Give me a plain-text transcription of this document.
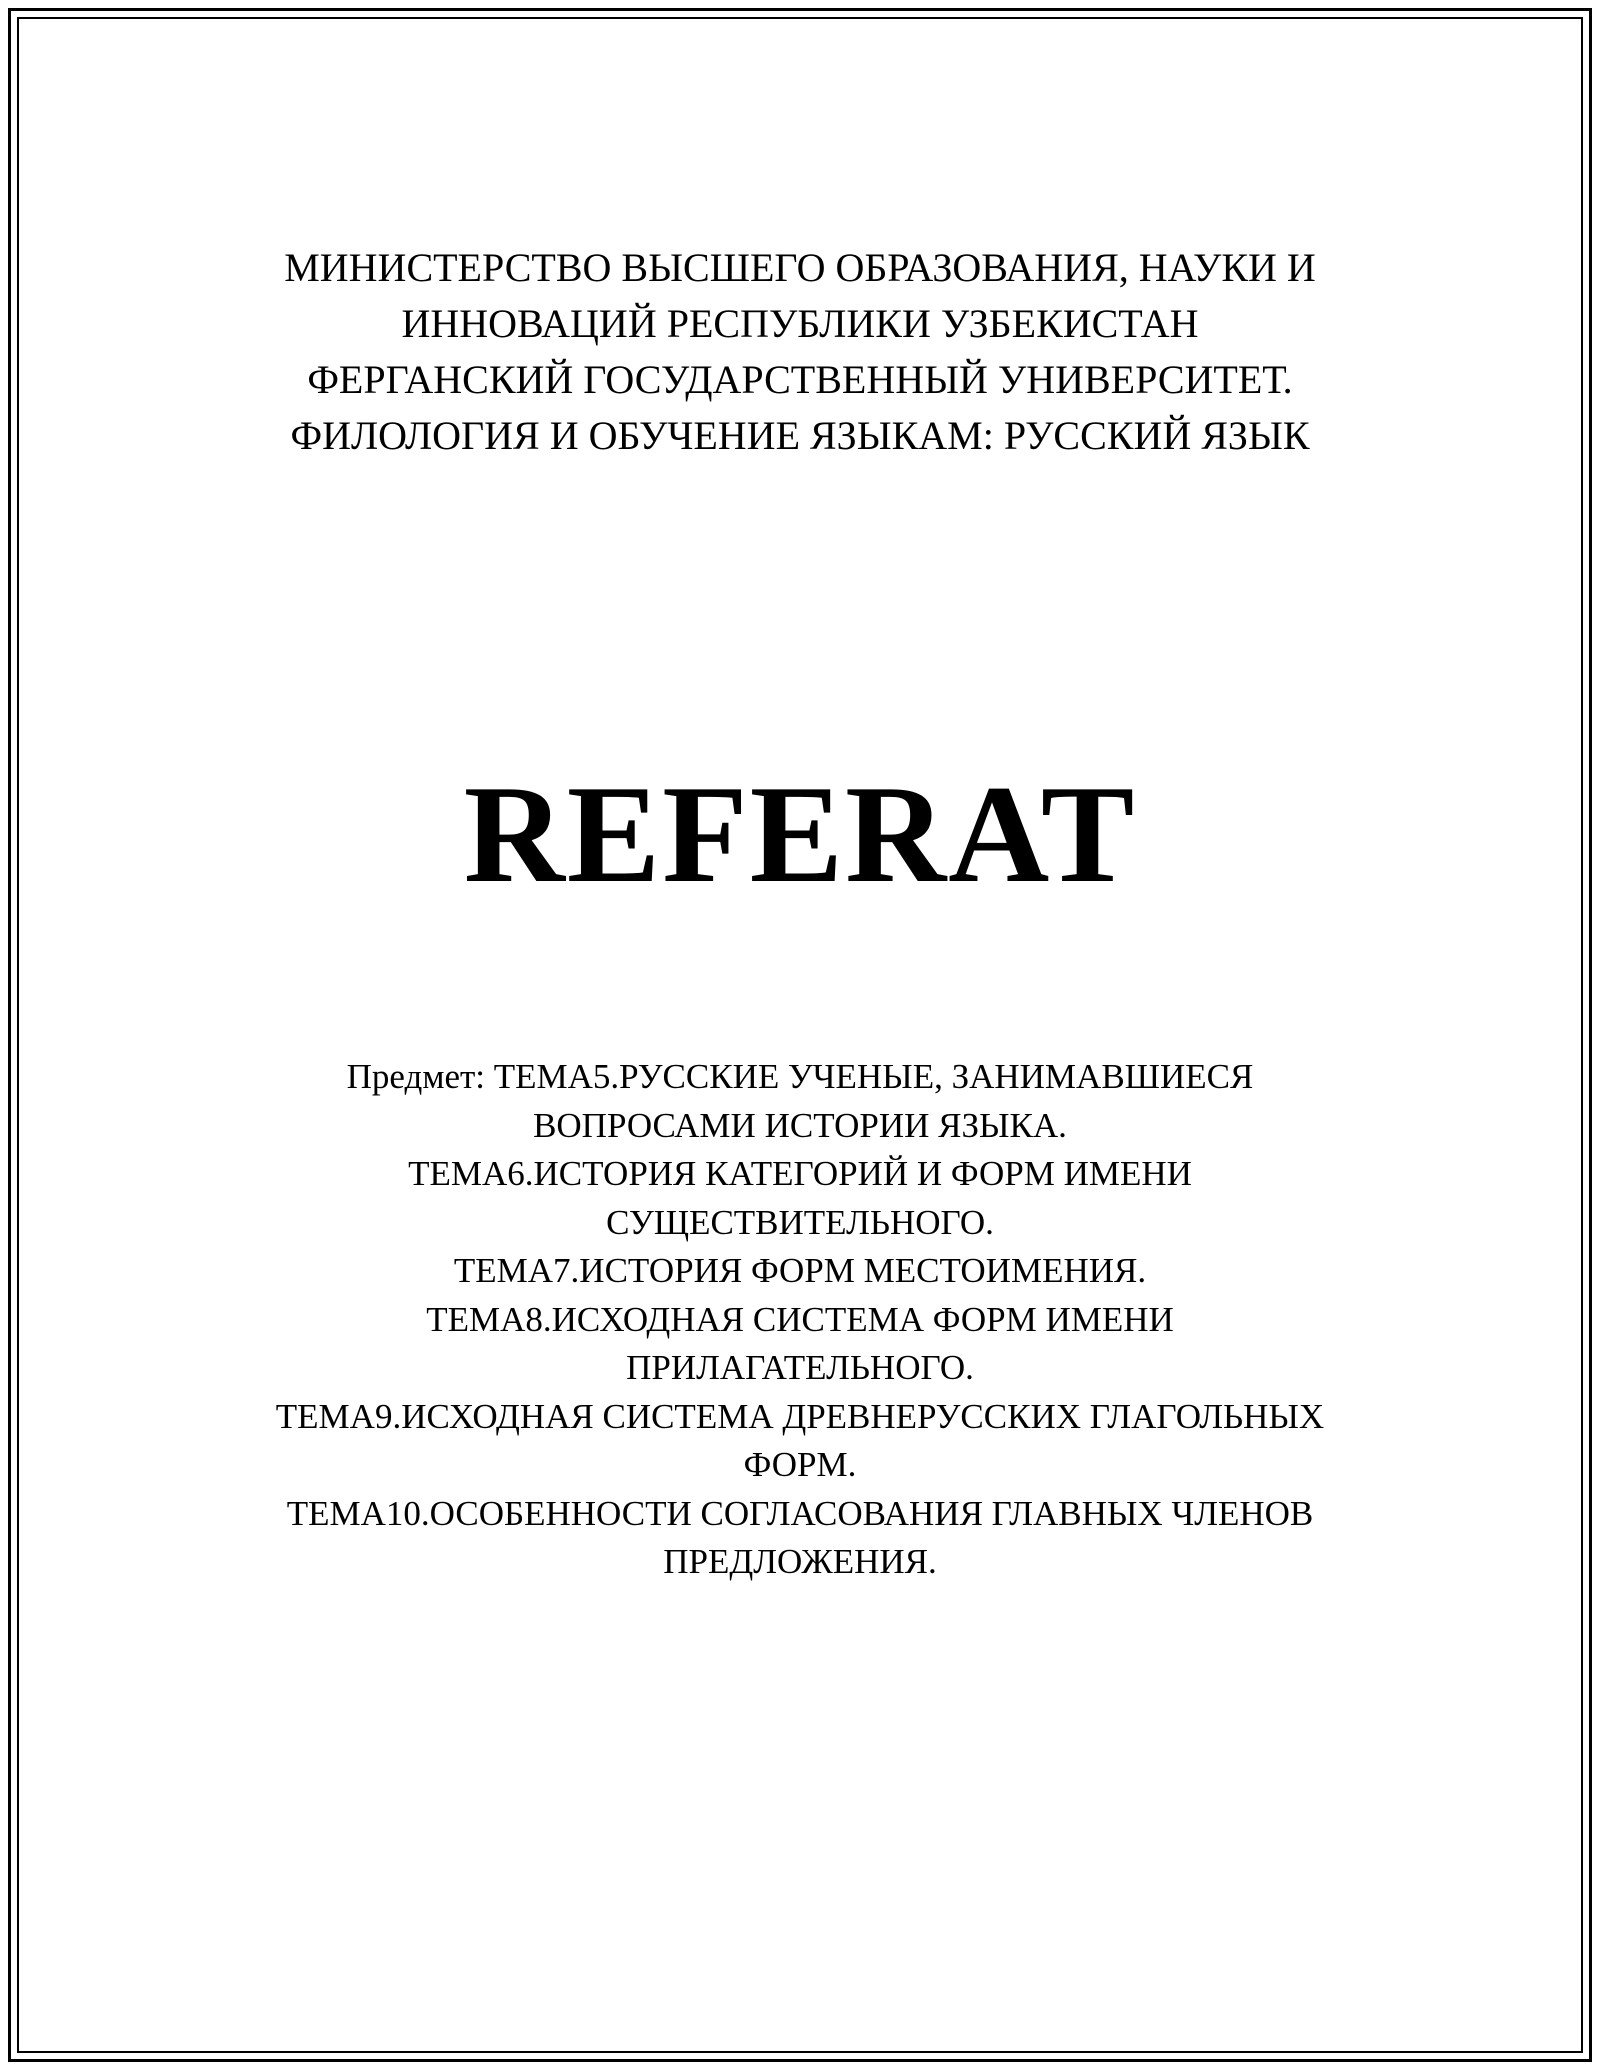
МИНИСТЕРСТВО ВЫСШЕГО ОБРАЗОВАНИЯ, НАУКИ И
ИННОВАЦИЙ РЕСПУБЛИКИ УЗБЕКИСТАН
ФЕРГАНСКИЙ ГОСУДАРСТВЕННЫЙ УНИВЕРСИТЕТ.
ФИЛОЛОГИЯ И ОБУЧЕНИЕ ЯЗЫКАМ: РУССКИЙ ЯЗЫК
REFERAT
Предмет: ТЕМА5.РУССКИЕ УЧЕНЫЕ, ЗАНИМАВШИЕСЯ
ВОПРОСАМИ ИСТОРИИ ЯЗЫКА.
ТЕМА6.ИСТОРИЯ КАТЕГОРИЙ И ФОРМ ИМЕНИ
СУЩЕСТВИТЕЛЬНОГО.
ТЕМА7.ИСТОРИЯ ФОРМ МЕСТОИМЕНИЯ.
ТЕМА8.ИСХОДНАЯ СИСТЕМА ФОРМ ИМЕНИ
ПРИЛАГАТЕЛЬНОГО.
ТЕМА9.ИСХОДНАЯ СИСТЕМА ДРЕВНЕРУССКИХ ГЛАГОЛЬНЫХ
ФОРМ.
ТЕМА10.ОСОБЕННОСТИ СОГЛАСОВАНИЯ ГЛАВНЫХ ЧЛЕНОВ
ПРЕДЛОЖЕНИЯ.
